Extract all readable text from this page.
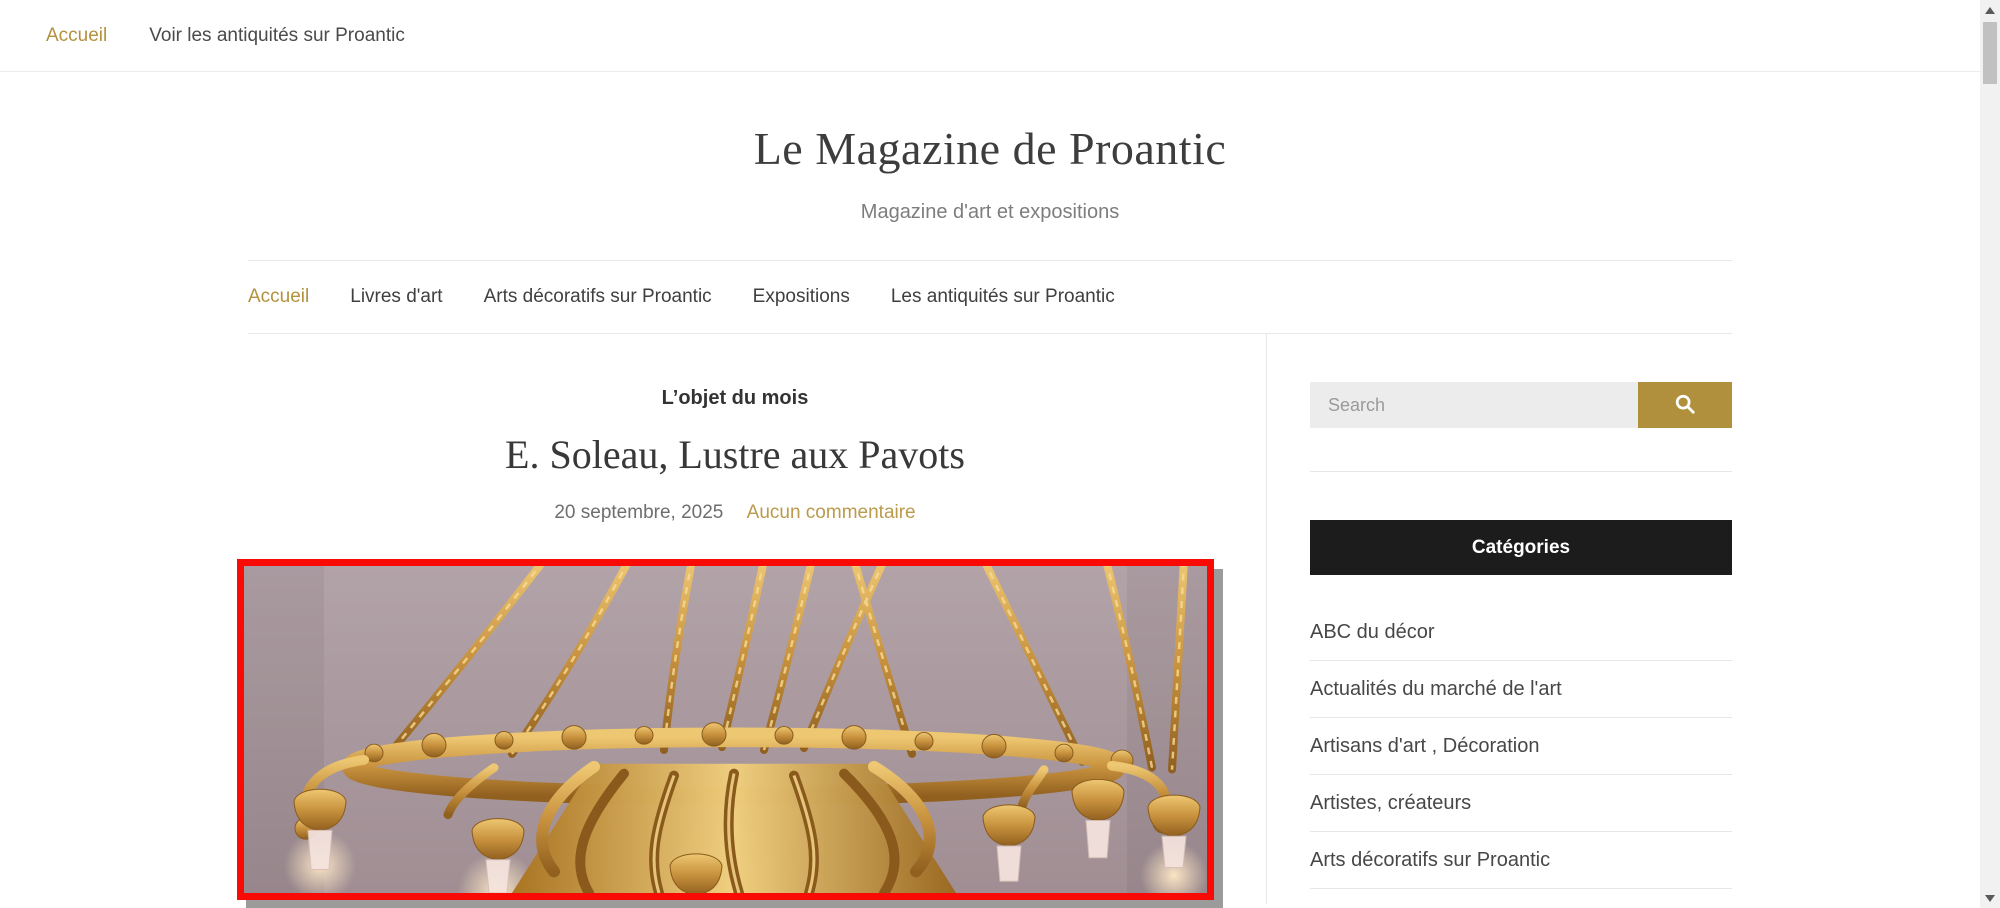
Accueil Voir les antiquités sur Proantic
Le Magazine de Proantic
Magazine d'art et expositions
Accueil Livres d'art Arts décoratifs sur Proantic Expositions Les antiquités sur Proantic
L’objet du mois
E. Soleau, Lustre aux Pavots
20 septembre, 2025 Aucun commentaire
Search
Catégories
ABC du décor
Actualités du marché de l'art
Artisans d'art , Décoration
Artistes, créateurs
Arts décoratifs sur Proantic
